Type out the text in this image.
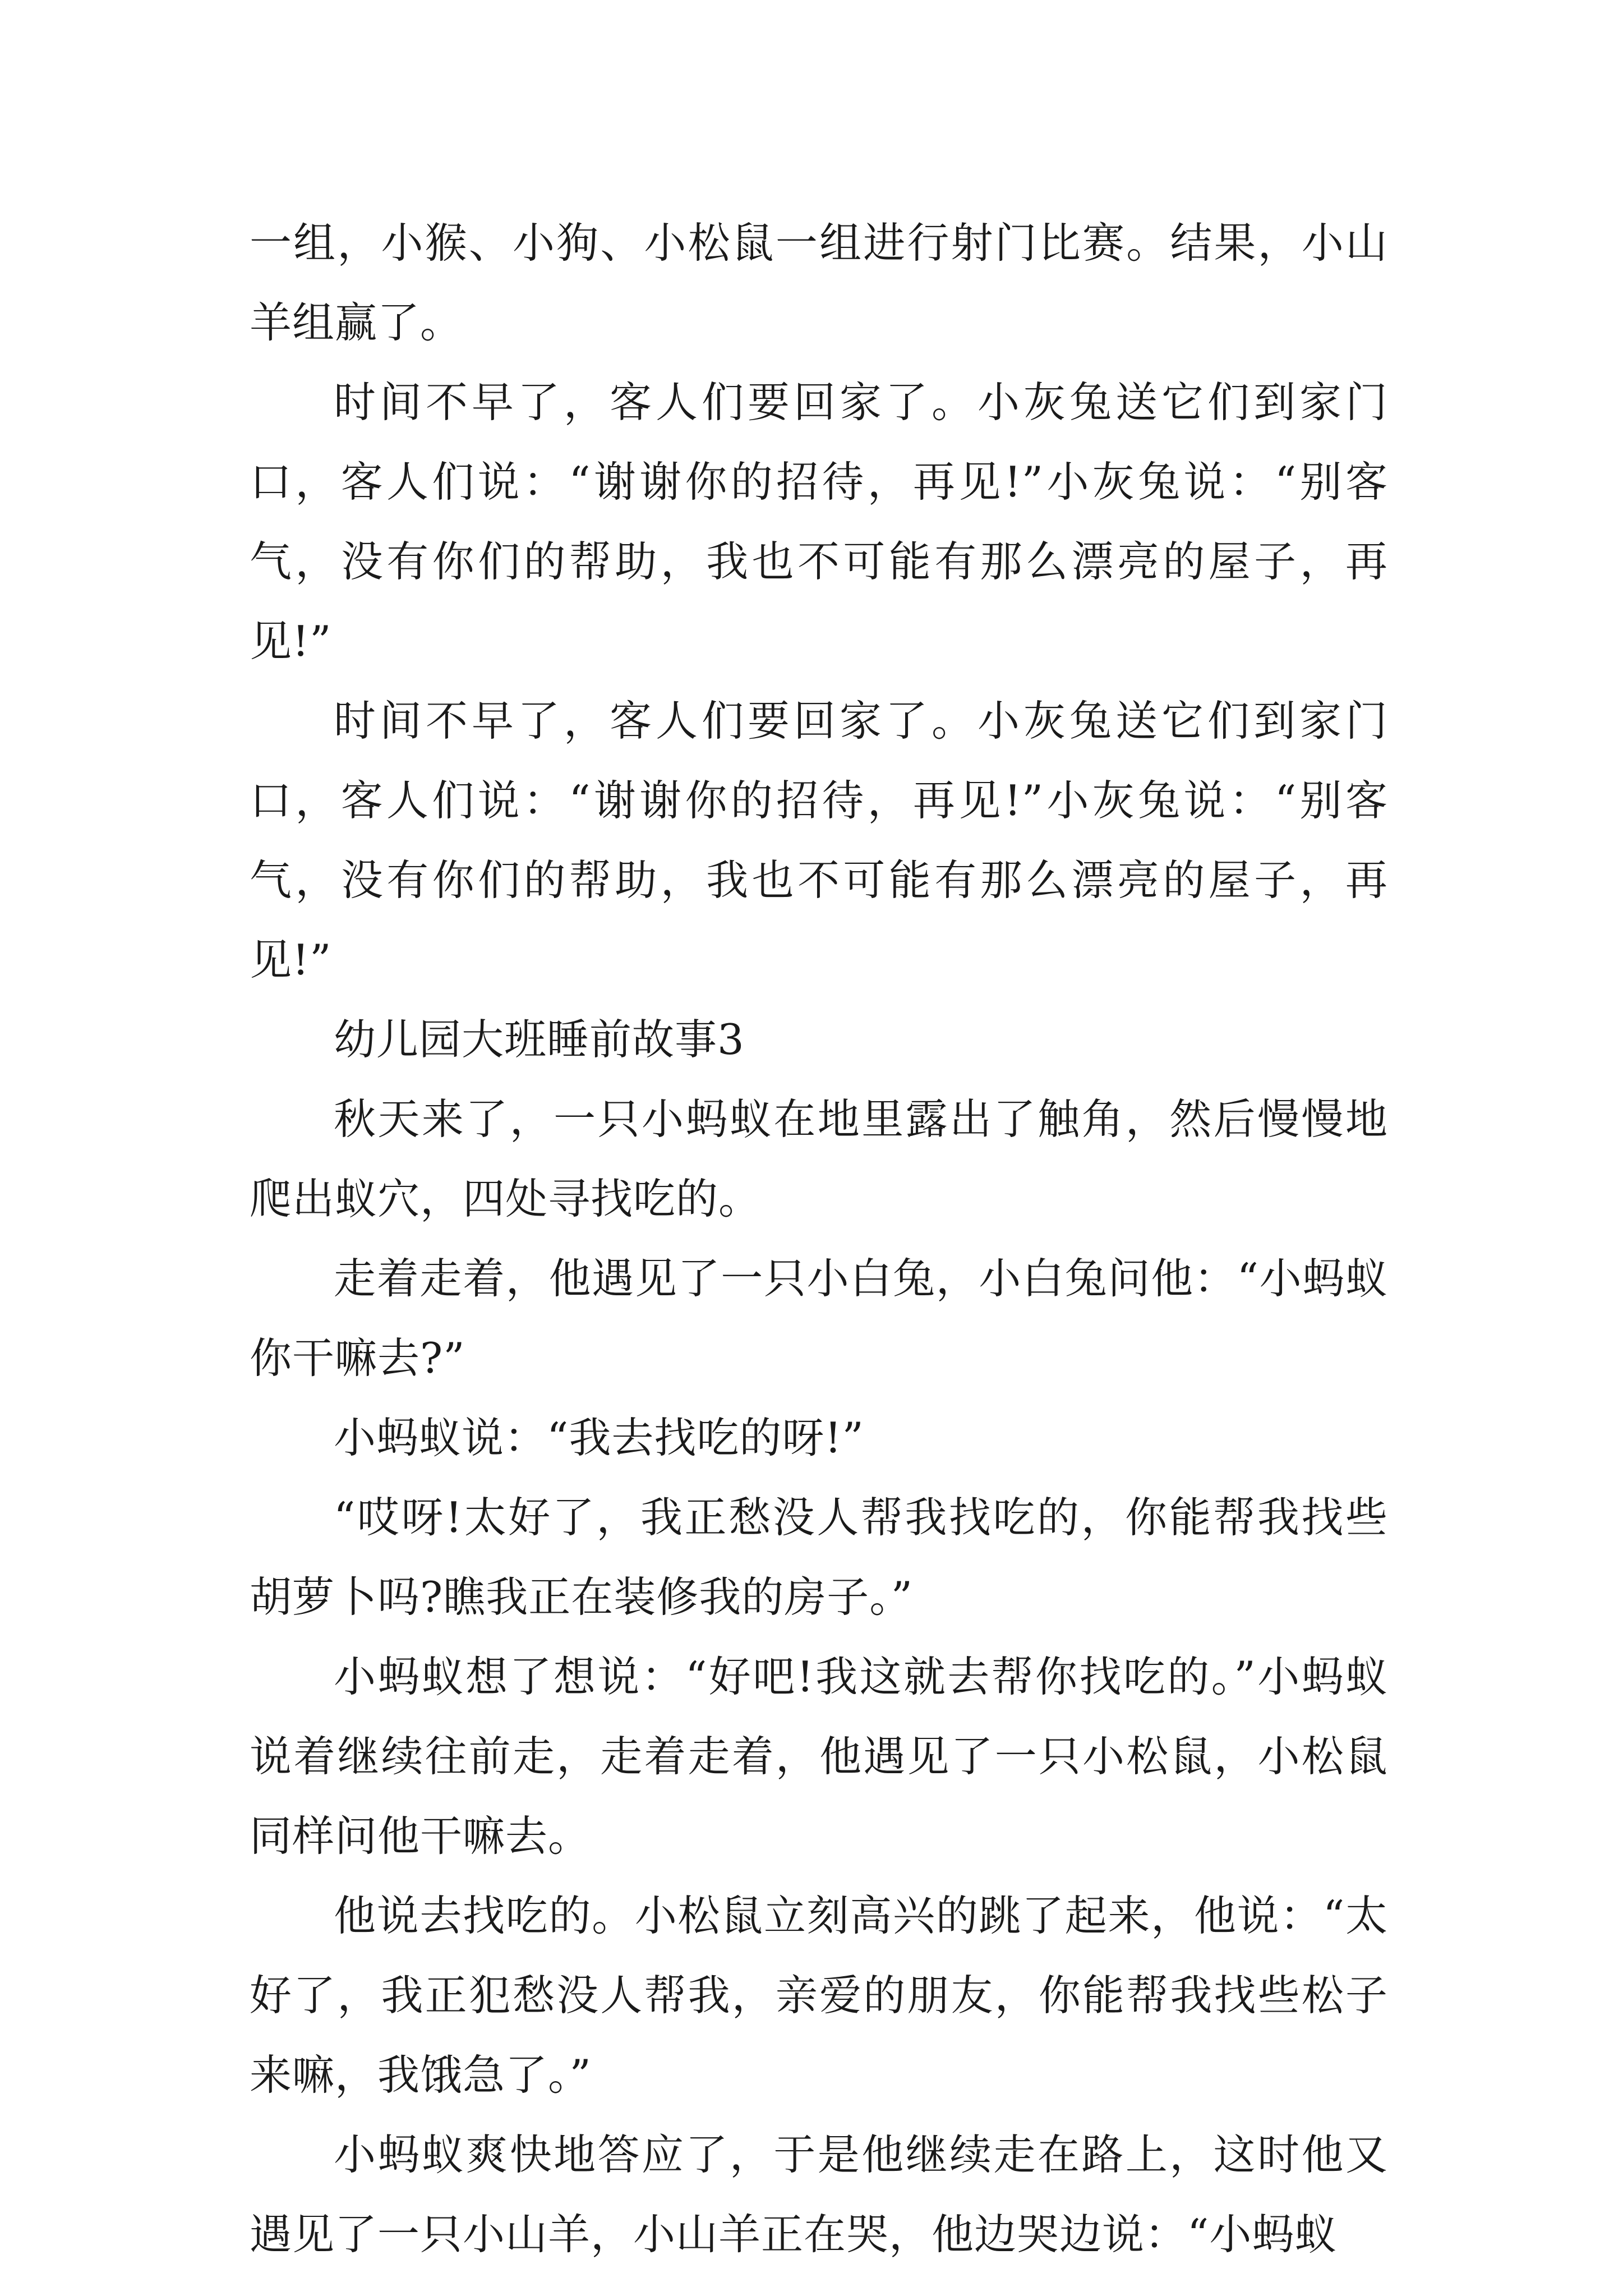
一组，小猴、小狗、小松鼠一组进行射门比赛。结果，小山羊组赢了。

时间不早了，客人们要回家了。小灰兔送它们到家门口，客人们说：“谢谢你的招待，再见!”小灰兔说：“别客气，没有你们的帮助，我也不可能有那么漂亮的屋子，再见!”

时间不早了，客人们要回家了。小灰兔送它们到家门口，客人们说：“谢谢你的招待，再见!”小灰兔说：“别客气，没有你们的帮助，我也不可能有那么漂亮的屋子，再见!”

幼儿园大班睡前故事3

秋天来了，一只小蚂蚁在地里露出了触角，然后慢慢地爬出蚁穴，四处寻找吃的。

走着走着，他遇见了一只小白兔，小白兔问他：“小蚂蚁你干嘛去?”

小蚂蚁说：“我去找吃的呀!”

“哎呀!太好了，我正愁没人帮我找吃的，你能帮我找些胡萝卜吗?瞧我正在装修我的房子。”

小蚂蚁想了想说：“好吧!我这就去帮你找吃的。”小蚂蚁说着继续往前走，走着走着，他遇见了一只小松鼠，小松鼠同样问他干嘛去。

他说去找吃的。小松鼠立刻高兴的跳了起来，他说：“太好了，我正犯愁没人帮我，亲爱的朋友，你能帮我找些松子来嘛，我饿急了。”

小蚂蚁爽快地答应了，于是他继续走在路上，这时他又遇见了一只小山羊，小山羊正在哭，他边哭边说：“小蚂蚁
